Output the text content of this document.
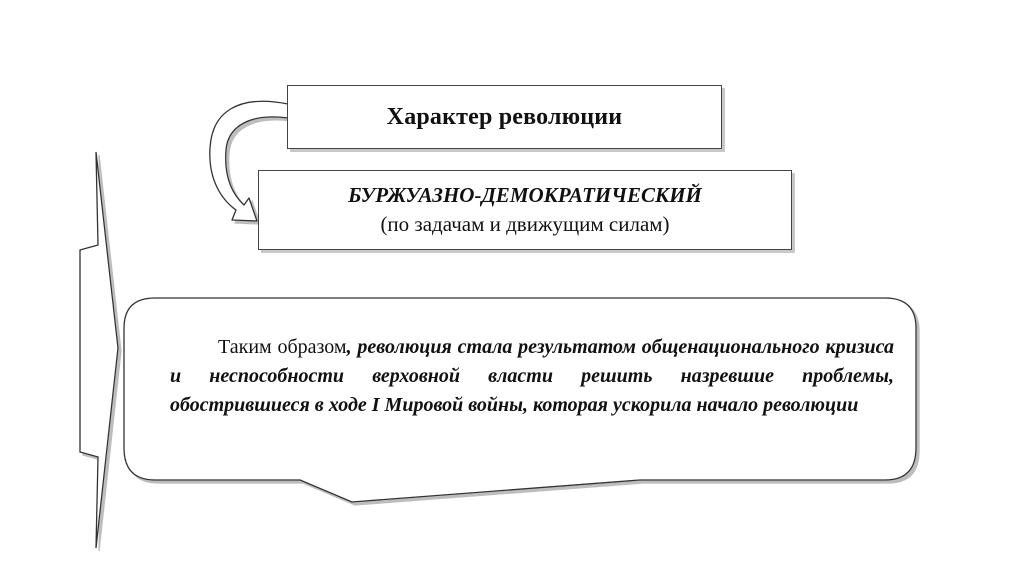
Характер революции
БУРЖУАЗНО-ДЕМОКРАТИЧЕСКИЙ
(по задачам и движущим силам)
Таким образом, революция стала результатом общенационального кризиса и неспособности верховной власти решить назревшие проблемы, обострившиеся в ходе I Мировой войны, которая ускорила начало революции
